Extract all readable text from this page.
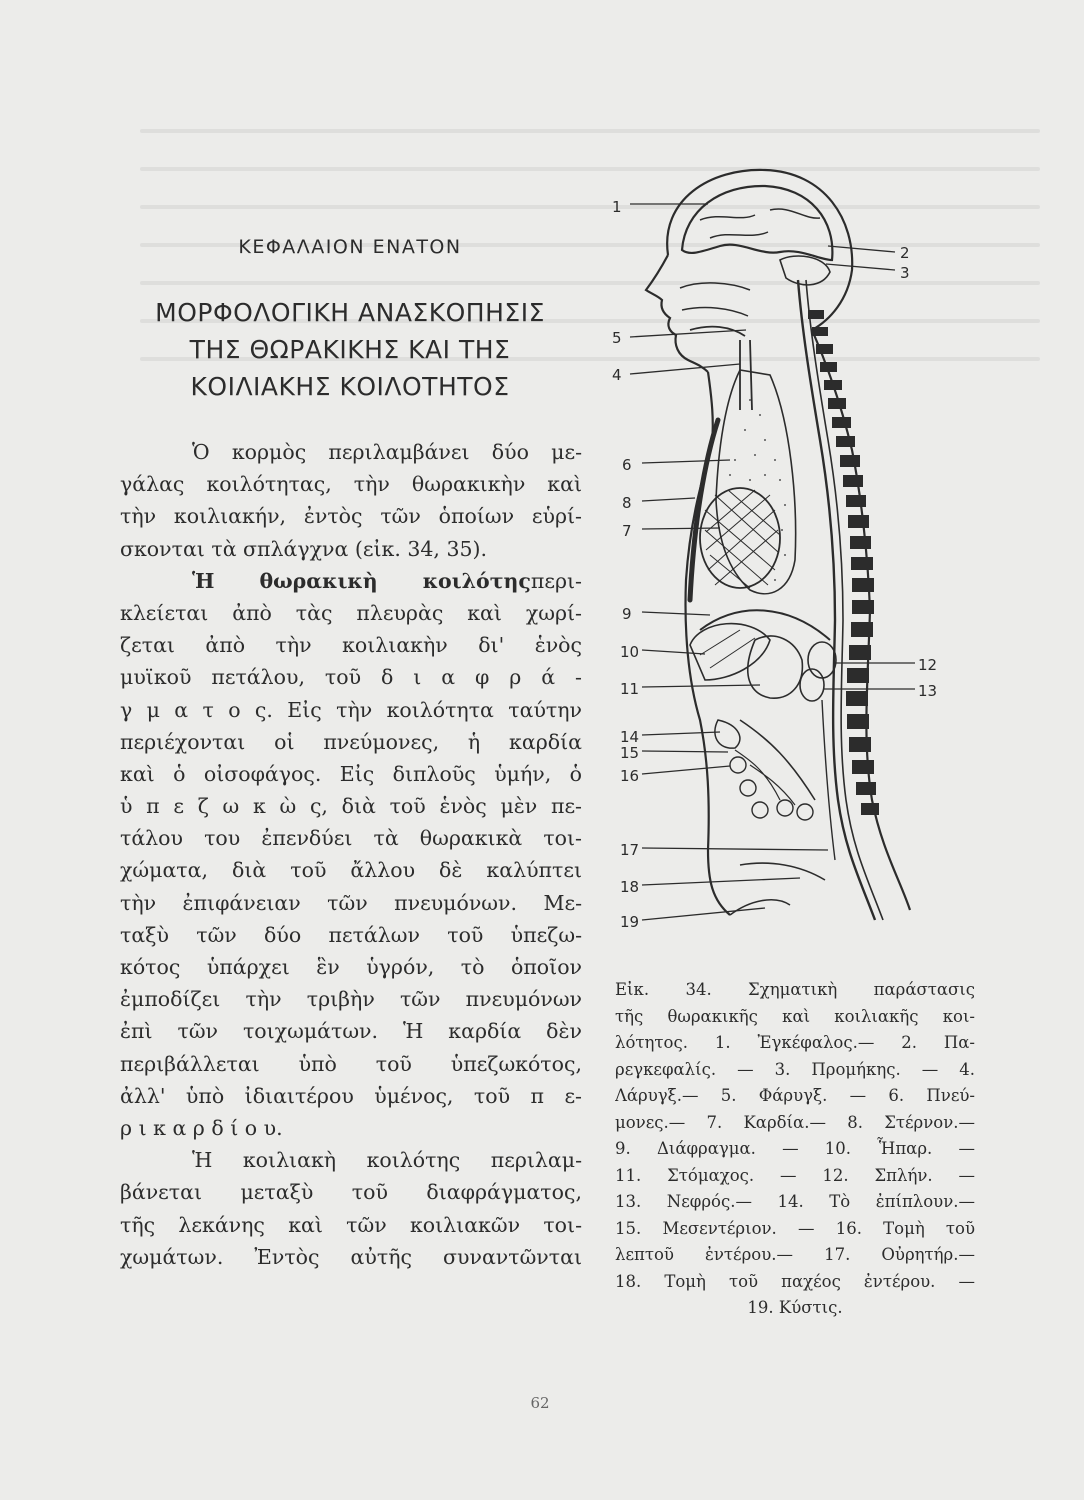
ΚΕΦΑΛΑΙΟΝ ΕΝΑΤΟΝ
ΜΟΡΦΟΛΟΓΙΚΗ ΑΝΑΣΚΟΠΗΣΙΣ
ΤΗΣ ΘΩΡΑΚΙΚΗΣ ΚΑΙ ΤΗΣ
ΚΟΙΛΙΑΚΗΣ ΚΟΙΛΟΤΗΤΟΣ
Ὁ κορμὸς περιλαμβάνει δύο με-
γάλας κοιλότητας, τὴν θωρακικὴν καὶ
τὴν κοιλιακήν, ἐντὸς τῶν ὁποίων εὑρί-
σκονται τὰ σπλάγχνα (εἰκ. 34, 35).
Ἡ θωρακικὴ κοιλότηςπερι-
κλείεται ἀπὸ τὰς πλευρὰς καὶ χωρί-
ζεται ἀπὸ τὴν κοιλιακὴν δι' ἑνὸς
μυϊκοῦ πετάλου, τοῦ δ ι α φ ρ ά -
γ μ α τ ο ς. Εἰς τὴν κοιλότητα ταύτην
περιέχονται οἱ πνεύμονες, ἡ καρδία
καὶ ὁ οἰσοφάγος. Εἰς διπλοῦς ὑμήν, ὁ
ὑ π ε ζ ω κ ὼ ς, διὰ τοῦ ἑνὸς μὲν πε-
τάλου του ἐπενδύει τὰ θωρακικὰ τοι-
χώματα, διὰ τοῦ ἄλλου δὲ καλύπτει
τὴν ἐπιφάνειαν τῶν πνευμόνων. Με-
ταξὺ τῶν δύο πετάλων τοῦ ὑπεζω-
κότος ὑπάρχει ἓν ὑγρόν, τὸ ὁποῖον
ἐμποδίζει τὴν τριβὴν τῶν πνευμόνων
ἐπὶ τῶν τοιχωμάτων. Ἡ καρδία δὲν
περιβάλλεται ὑπὸ τοῦ ὑπεζωκότος,
ἀλλ' ὑπὸ ἰδιαιτέρου ὑμένος, τοῦ π ε-
ρ ι κ α ρ δ ί ο υ.
Ἡ κοιλιακὴ κοιλότης περιλαμ-
βάνεται μεταξὺ τοῦ διαφράγματος,
τῆς λεκάνης καὶ τῶν κοιλιακῶν τοι-
χωμάτων. Ἐντὸς αὐτῆς συναντῶνται
1
2
3
4
5
6
7
8
9
10
11
12
13
14
15
16
17
18
19
Εἰκ. 34. Σχηματικὴ παράστασις
τῆς θωρακικῆς καὶ κοιλιακῆς κοι-
λότητος. 1. Ἐγκέφαλος.— 2. Πα-
ρεγκεφαλίς. — 3. Προμήκης. — 4.
Λάρυγξ.— 5. Φάρυγξ. — 6. Πνεύ-
μονες.— 7. Καρδία.— 8. Στέρνον.—
9. Διάφραγμα. — 10. Ἧπαρ. —
11. Στόμαχος. — 12. Σπλήν. —
13. Νεφρός.— 14. Τὸ ἐπίπλουν.—
15. Μεσεντέριον. — 16. Τομὴ τοῦ
λεπτοῦ ἐντέρου.— 17. Οὐρητήρ.—
18. Τομὴ τοῦ παχέος ἐντέρου. —
19. Κύστις.
62
